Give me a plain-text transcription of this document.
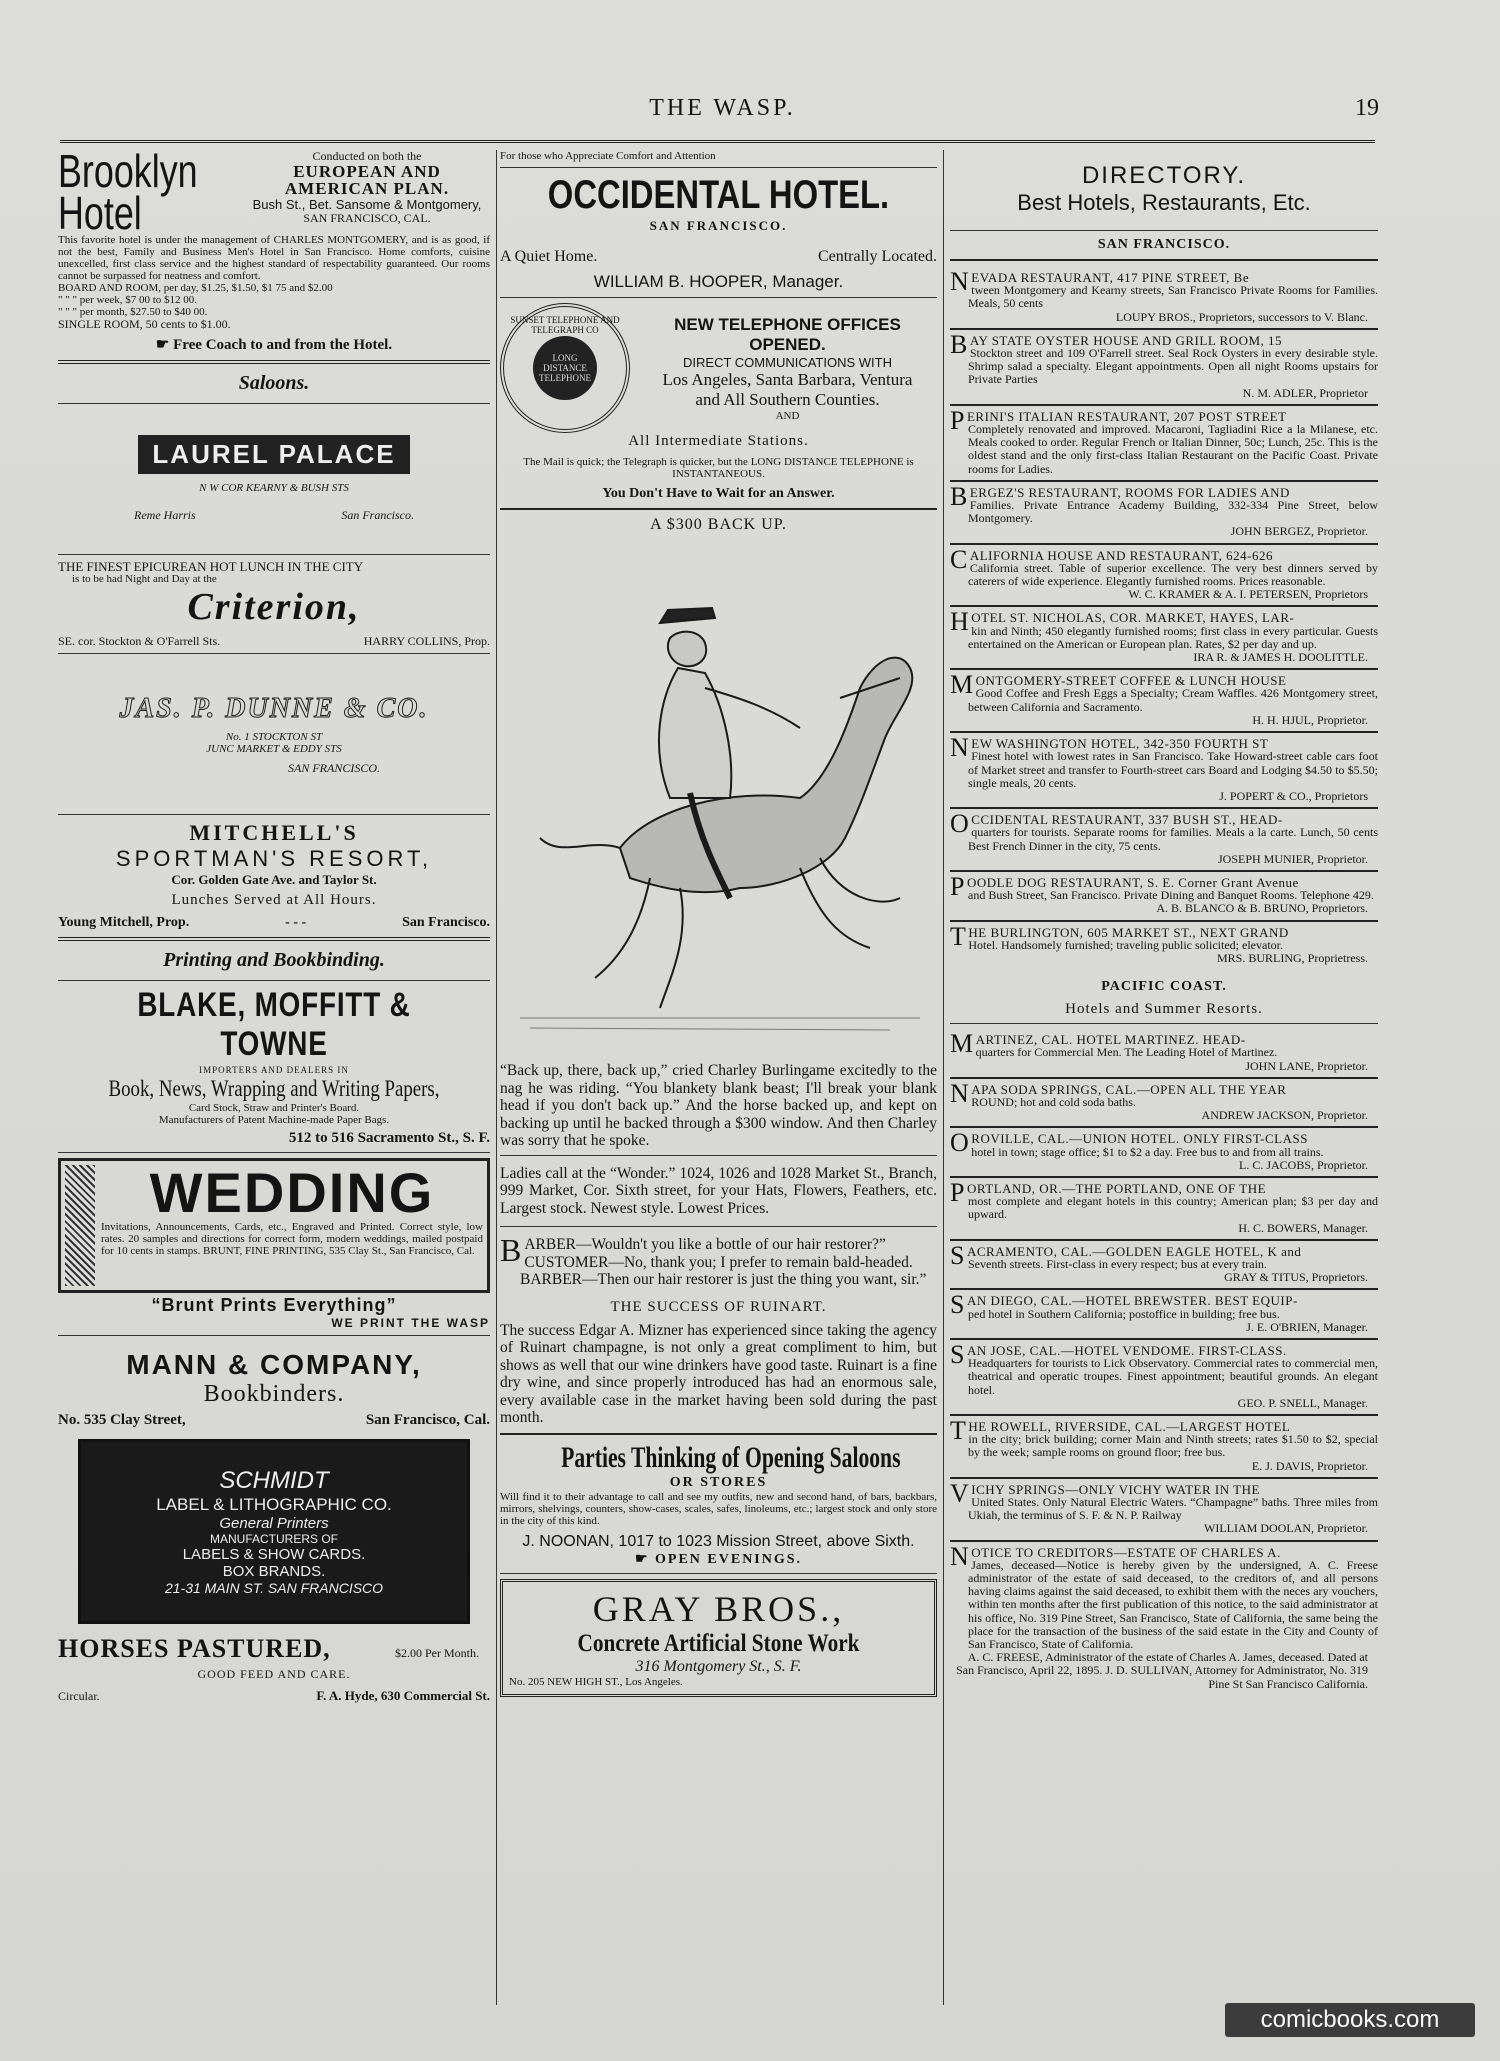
THE WASP.	19
Brooklyn
Hotel
Conducted on both the
EUROPEAN AND
AMERICAN PLAN.
Bush St., Bet. Sansome & Montgomery,
SAN FRANCISCO, CAL.
This favorite hotel is under the management of CHARLES MONTGOMERY, and is as good, if not the best, Family and Business Men's Hotel in San Francisco. Home comforts, cuisine unexcelled, first class service and the highest standard of respectability guaranteed. Our rooms cannot be surpassed for neatness and comfort.
BOARD AND ROOM, per day, $1.25, $1.50, $1 75 and $2.00
" " " per week, $7 00 to $12 00.
" " " per month, $27.50 to $40 00.
SINGLE ROOM, 50 cents to $1.00.
☛ Free Coach to and from the Hotel.
Saloons.
LAUREL PALACE
N W COR KEARNY & BUSH STS
Reme Harris	San Francisco.
THE FINEST EPICUREAN HOT LUNCH IN THE CITY
is to be had Night and Day at the
Criterion,
SE. cor. Stockton & O'Farrell Sts.	HARRY COLLINS, Prop.
JAS. P. DUNNE & CO.
No. 1 STOCKTON ST
JUNC MARKET & EDDY STS
SAN FRANCISCO.
MITCHELL'S
SPORTMAN'S RESORT,
Cor. Golden Gate Ave. and Taylor St.
Lunches Served at All Hours.
Young Mitchell, Prop.	- - -	San Francisco.
Printing and Bookbinding.
BLAKE, MOFFITT & TOWNE
IMPORTERS AND DEALERS IN
Book, News, Wrapping and Writing Papers,
Card Stock, Straw and Printer's Board.
Manufacturers of Patent Machine-made Paper Bags.
512 to 516 Sacramento St., S. F.
WEDDING
Invitations, Announcements, Cards, etc., Engraved and Printed. Correct style, low rates. 20 samples and directions for correct form, modern weddings, mailed postpaid for 10 cents in stamps. BRUNT, FINE PRINTING, 535 Clay St., San Francisco, Cal.
“Brunt Prints Everything”
WE PRINT THE WASP
MANN & COMPANY,
Bookbinders.
No. 535 Clay Street,	San Francisco, Cal.
SCHMIDT
LABEL & LITHOGRAPHIC CO.
General Printers
MANUFACTURERS OF
LABELS & SHOW CARDS.
BOX BRANDS.
21-31 MAIN ST. SAN FRANCISCO
HORSES PASTURED,	$2.00 Per Month.
GOOD FEED AND CARE.
Circular.	F. A. Hyde, 630 Commercial St.
For those who Appreciate Comfort and Attention
OCCIDENTAL HOTEL.
SAN FRANCISCO.
A Quiet Home.	Centrally Located.
WILLIAM B. HOOPER, Manager.
SUNSET TELEPHONE AND TELEGRAPH CO
LONG DISTANCE TELEPHONE
NEW TELEPHONE OFFICES OPENED.
DIRECT COMMUNICATIONS WITH
Los Angeles, Santa Barbara, Ventura
and All Southern Counties.
AND
All Intermediate Stations.
The Mail is quick; the Telegraph is quicker, but the LONG DISTANCE TELEPHONE is INSTANTANEOUS.
You Don't Have to Wait for an Answer.
A $300 BACK UP.
“Back up, there, back up,” cried Charley Burlingame excitedly to the nag he was riding. “You blankety blank beast; I'll break your blank head if you don't back up.” And the horse backed up, and kept on backing up until he backed through a $300 window. And then Charley was sorry that he spoke.
Ladies call at the “Wonder.” 1024, 1026 and 1028 Market St., Branch, 999 Market, Cor. Sixth street, for your Hats, Flowers, Feathers, etc. Largest stock. Newest style. Lowest Prices.
BARBER—Wouldn't you like a bottle of our hair restorer?”
CUSTOMER—No, thank you; I prefer to remain bald-headed.
BARBER—Then our hair restorer is just the thing you want, sir.”
THE SUCCESS OF RUINART.
The success Edgar A. Mizner has experienced since taking the agency of Ruinart champagne, is not only a great compliment to him, but shows as well that our wine drinkers have good taste. Ruinart is a fine dry wine, and since properly introduced has had an enormous sale, every available case in the market having been sold during the past month.
Parties Thinking of Opening Saloons
OR STORES
Will find it to their advantage to call and see my outfits, new and second hand, of bars, backbars, mirrors, shelvings, counters, show-cases, scales, safes, linoleums, etc.; largest stock and only store in the city of this kind.
J. NOONAN, 1017 to 1023 Mission Street, above Sixth.
☛ OPEN EVENINGS.
GRAY BROS.,
Concrete Artificial Stone Work
316 Montgomery St., S. F.
No. 205 NEW HIGH ST., Los Angeles.
DIRECTORY.
Best Hotels, Restaurants, Etc.
SAN FRANCISCO.
NEVADA RESTAURANT, 417 PINE STREET, Be
tween Montgomery and Kearny streets, San Francisco Private Rooms for Families. Meals, 50 cents
LOUPY BROS., Proprietors, successors to V. Blanc.
BAY STATE OYSTER HOUSE AND GRILL ROOM, 15
Stockton street and 109 O'Farrell street. Seal Rock Oysters in every desirable style. Shrimp salad a specialty. Elegant appointments. Open all night Rooms upstairs for Private Parties
N. M. ADLER, Proprietor
PERINI'S ITALIAN RESTAURANT, 207 POST STREET
Completely renovated and improved. Macaroni, Tagliadini Rice a la Milanese, etc. Meals cooked to order. Regular French or Italian Dinner, 50c; Lunch, 25c. This is the oldest stand and the only first-class Italian Restaurant on the Pacific Coast. Private rooms for Ladies.
BERGEZ'S RESTAURANT, ROOMS FOR LADIES AND
Families. Private Entrance Academy Building, 332-334 Pine Street, below Montgomery.
JOHN BERGEZ, Proprietor.
CALIFORNIA HOUSE AND RESTAURANT, 624-626
California street. Table of superior excellence. The very best dinners served by caterers of wide experience. Elegantly furnished rooms. Prices reasonable.
W. C. KRAMER & A. I. PETERSEN, Proprietors
HOTEL ST. NICHOLAS, COR. MARKET, HAYES, LAR-
kin and Ninth; 450 elegantly furnished rooms; first class in every particular. Guests entertained on the American or European plan. Rates, $2 per day and up.
IRA R. & JAMES H. DOOLITTLE.
MONTGOMERY-STREET COFFEE & LUNCH HOUSE
Good Coffee and Fresh Eggs a Specialty; Cream Waffles. 426 Montgomery street, between California and Sacramento.
H. H. HJUL, Proprietor.
NEW WASHINGTON HOTEL, 342-350 FOURTH ST
Finest hotel with lowest rates in San Francisco. Take Howard-street cable cars foot of Market street and transfer to Fourth-street cars Board and Lodging $4.50 to $5.50; single meals, 20 cents.
J. POPERT & CO., Proprietors
OCCIDENTAL RESTAURANT, 337 BUSH ST., HEAD-
quarters for tourists. Separate rooms for families. Meals a la carte. Lunch, 50 cents Best French Dinner in the city, 75 cents.
JOSEPH MUNIER, Proprietor.
POODLE DOG RESTAURANT, S. E. Corner Grant Avenue
and Bush Street, San Francisco. Private Dining and Banquet Rooms. Telephone 429.
A. B. BLANCO & B. BRUNO, Proprietors.
THE BURLINGTON, 605 MARKET ST., NEXT GRAND
Hotel. Handsomely furnished; traveling public solicited; elevator.
MRS. BURLING, Proprietress.
PACIFIC COAST.
Hotels and Summer Resorts.
MARTINEZ, CAL. HOTEL MARTINEZ. HEAD-
quarters for Commercial Men. The Leading Hotel of Martinez.
JOHN LANE, Proprietor.
NAPA SODA SPRINGS, CAL.—OPEN ALL THE YEAR
ROUND; hot and cold soda baths.
ANDREW JACKSON, Proprietor.
OROVILLE, CAL.—UNION HOTEL. ONLY FIRST-CLASS
hotel in town; stage office; $1 to $2 a day. Free bus to and from all trains.
L. C. JACOBS, Proprietor.
PORTLAND, OR.—THE PORTLAND, ONE OF THE
most complete and elegant hotels in this country; American plan; $3 per day and upward.
H. C. BOWERS, Manager.
SACRAMENTO, CAL.—GOLDEN EAGLE HOTEL, K and
Seventh streets. First-class in every respect; bus at every train.
GRAY & TITUS, Proprietors.
SAN DIEGO, CAL.—HOTEL BREWSTER. BEST EQUIP-
ped hotel in Southern California; postoffice in building; free bus.
J. E. O'BRIEN, Manager.
SAN JOSE, CAL.—HOTEL VENDOME. FIRST-CLASS.
Headquarters for tourists to Lick Observatory. Commercial rates to commercial men, theatrical and operatic troupes. Finest appointment; beautiful grounds. An elegant hotel.
GEO. P. SNELL, Manager.
THE ROWELL, RIVERSIDE, CAL.—LARGEST HOTEL
in the city; brick building; corner Main and Ninth streets; rates $1.50 to $2, special by the week; sample rooms on ground floor; free bus.
E. J. DAVIS, Proprietor.
VICHY SPRINGS—ONLY VICHY WATER IN THE
United States. Only Natural Electric Waters. “Champagne” baths. Three miles from Ukiah, the terminus of S. F. & N. P. Railway
WILLIAM DOOLAN, Proprietor.
NOTICE TO CREDITORS—ESTATE OF CHARLES A.
James, deceased—Notice is hereby given by the undersigned, A. C. Freese administrator of the estate of said deceased, to the creditors of, and all persons having claims against the said deceased, to exhibit them with the neces ary vouchers, within ten months after the first publication of this notice, to the said administrator at his office, No. 319 Pine Street, San Francisco, State of California, the same being the place for the transaction of the business of the said estate in the City and County of San Francisco, State of California.
A. C. FREESE, Administrator of the estate of Charles A. James, deceased. Dated at San Francisco, April 22, 1895. J. D. SULLIVAN, Attorney for Administrator, No. 319 Pine St San Francisco California.
comicbooks.com
